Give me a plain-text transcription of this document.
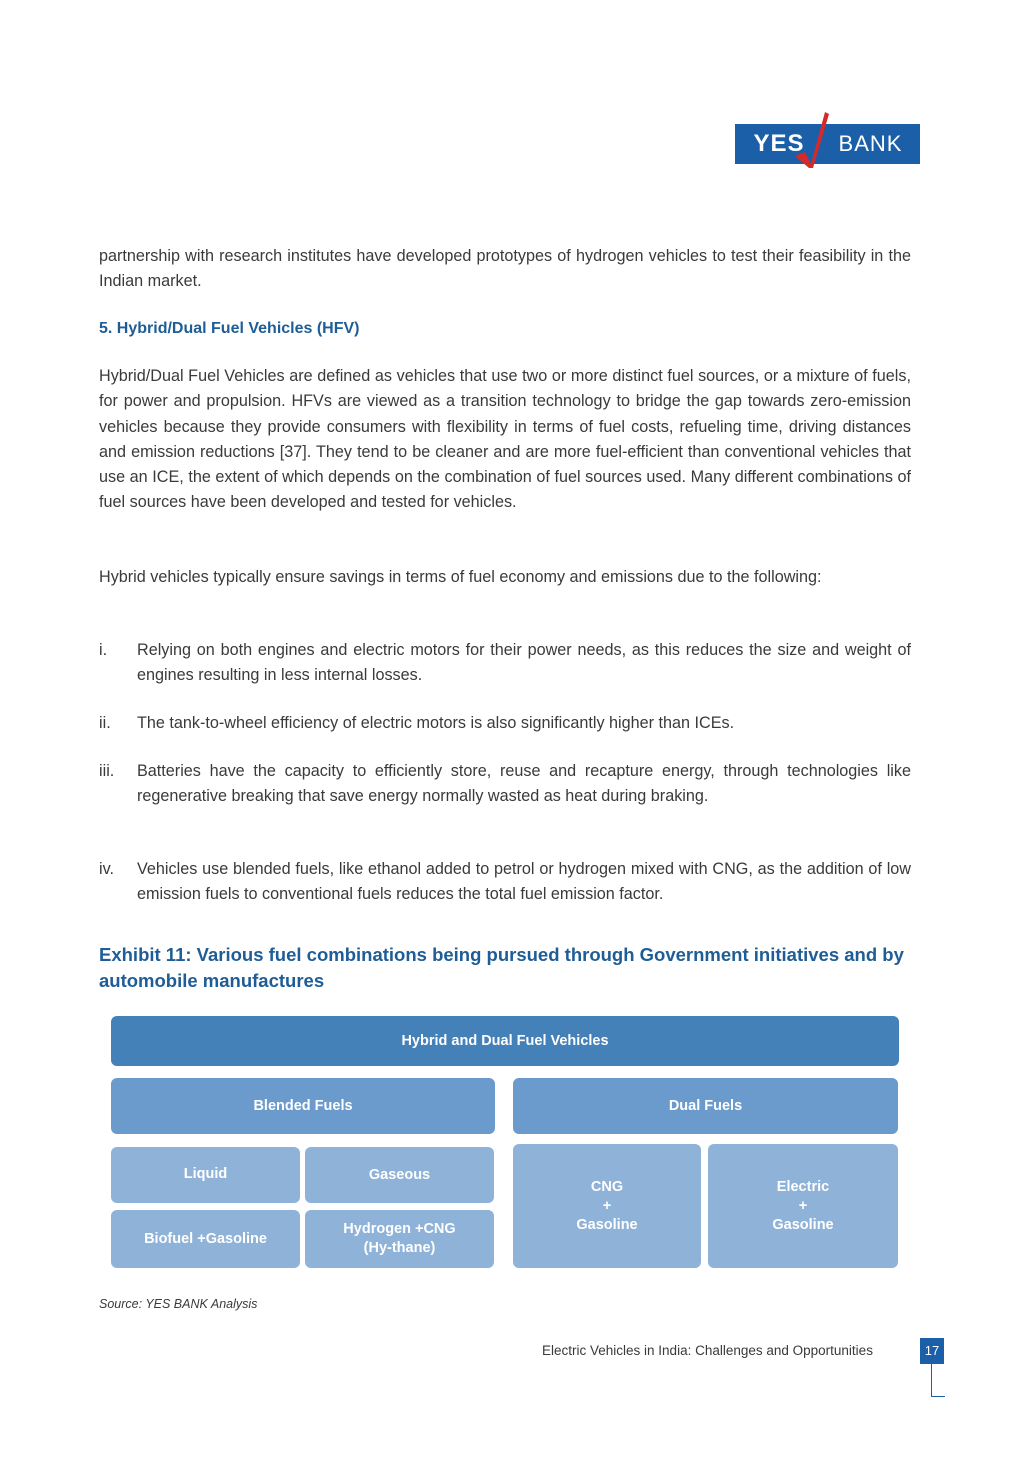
YES	BANK

partnership with research institutes have developed prototypes of hydrogen vehicles to test their feasibility in the Indian market.

5. Hybrid/Dual Fuel Vehicles (HFV)

Hybrid/Dual Fuel Vehicles are defined as vehicles that use two or more distinct fuel sources, or a mixture of fuels, for power and propulsion. HFVs are viewed as a transition technology to bridge the gap towards zero-emission vehicles because they provide consumers with flexibility in terms of fuel costs, refueling time, driving distances and emission reductions [37]. They tend to be cleaner and are more fuel-efficient than conventional vehicles that use an ICE, the extent of which depends on the combination of fuel sources used. Many different combinations of fuel sources have been developed and tested for vehicles.

Hybrid vehicles typically ensure savings in terms of fuel economy and emissions due to the following:

i. Relying on both engines and electric motors for their power needs, as this reduces the size and weight of engines resulting in less internal losses.
ii. The tank-to-wheel efficiency of electric motors is also significantly higher than ICEs.
iii. Batteries have the capacity to efficiently store, reuse and recapture energy, through technologies like regenerative breaking that save energy normally wasted as heat during braking.
iv. Vehicles use blended fuels, like ethanol added to petrol or hydrogen mixed with CNG, as the addition of low emission fuels to conventional fuels reduces the total fuel emission factor.
Exhibit 11: Various fuel combinations being pursued through Government initiatives and by automobile manufactures
Hybrid and Dual Fuel Vehicles
Blended Fuels	Dual Fuels
Liquid	Gaseous
Biofuel +Gasoline
Hydrogen +CNG
(Hy-thane)
CNG
+
Gasoline
Electric
+
Gasoline
Source: YES BANK Analysis
Electric Vehicles in India: Challenges and Opportunities	17
